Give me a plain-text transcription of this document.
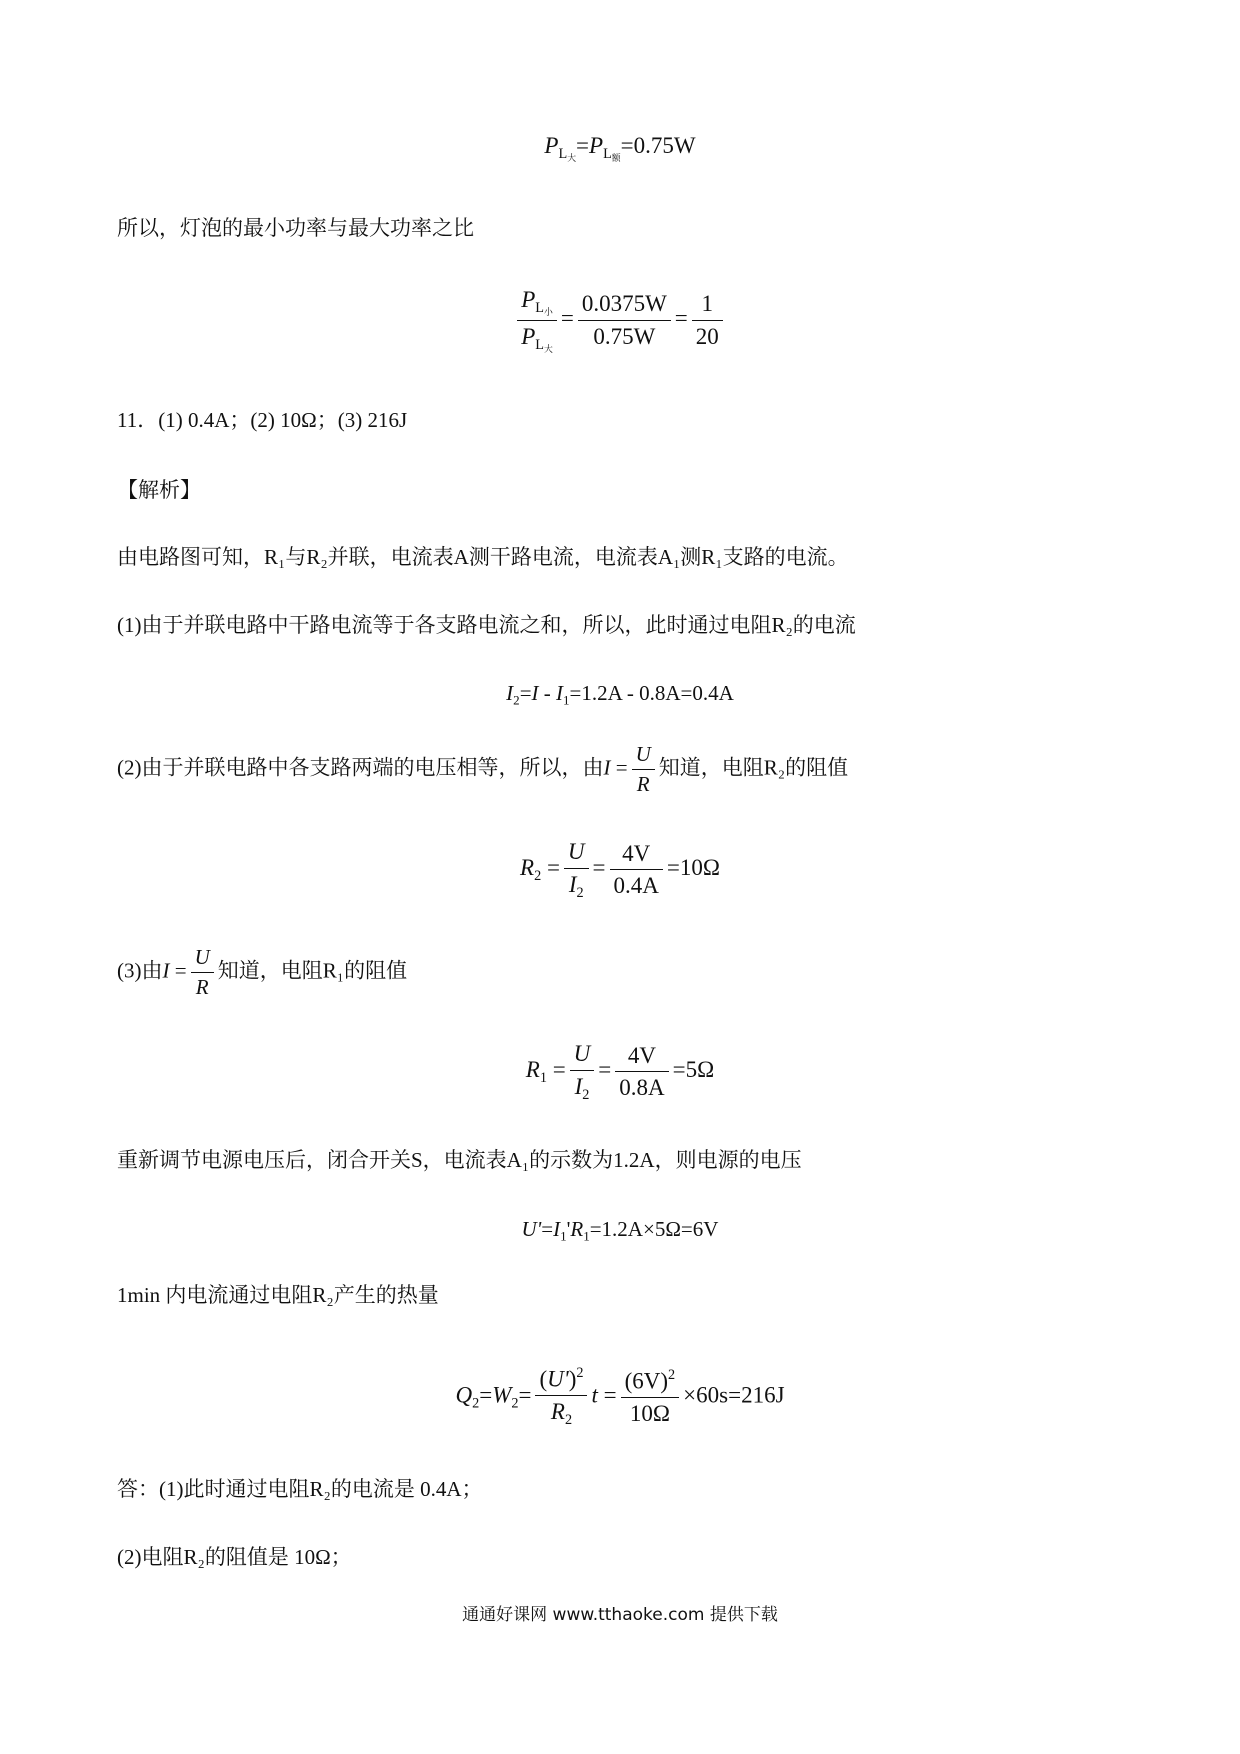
$P_{L_大}=P_{L_额}=0.75W$
所以，灯泡的最小功率与最大功率之比
$\frac{P_{L_小}}{P_{L_大}} = \frac{0.0375W}{0.75W} = \frac{1}{20}$
11．(1) 0.4A；(2) 10Ω；(3) 216J
【解析】
由电路图可知，R₁与R₂并联，电流表A测干路电流，电流表A₁测R₁支路的电流。
(1)由于并联电路中干路电流等于各支路电流之和，所以，此时通过电阻R₂的电流
$I_2=I - I_1=1.2A - 0.8A=0.4A$
(2)由于并联电路中各支路两端的电压相等，所以，由$I = \frac{U}{R}$ 知道，电阻R₂的阻值
$R_2 = \frac{U}{I_2} = \frac{4V}{0.4A} =10\Omega$
(3)由$I = \frac{U}{R}$ 知道，电阻R₁的阻值
$R_1 = \frac{U}{I_2} = \frac{4V}{0.8A} =5\Omega$
重新调节电源电压后，闭合开关S，电流表A₁的示数为1.2A，则电源的电压
$U'=I_1'R_1=1.2A\times 5\Omega=6V$
1min 内电流通过电阻R₂产生的热量
$Q_2=W_2= \frac{(U')^2}{R_2}$ $t = \frac{(6V)^2}{10\Omega} \times 60s=216J$
答：(1)此时通过电阻R₂的电流是 0.4A；
(2)电阻R₂的阻值是 10Ω；
通通好课网 www.tthaoke.com 提供下载
